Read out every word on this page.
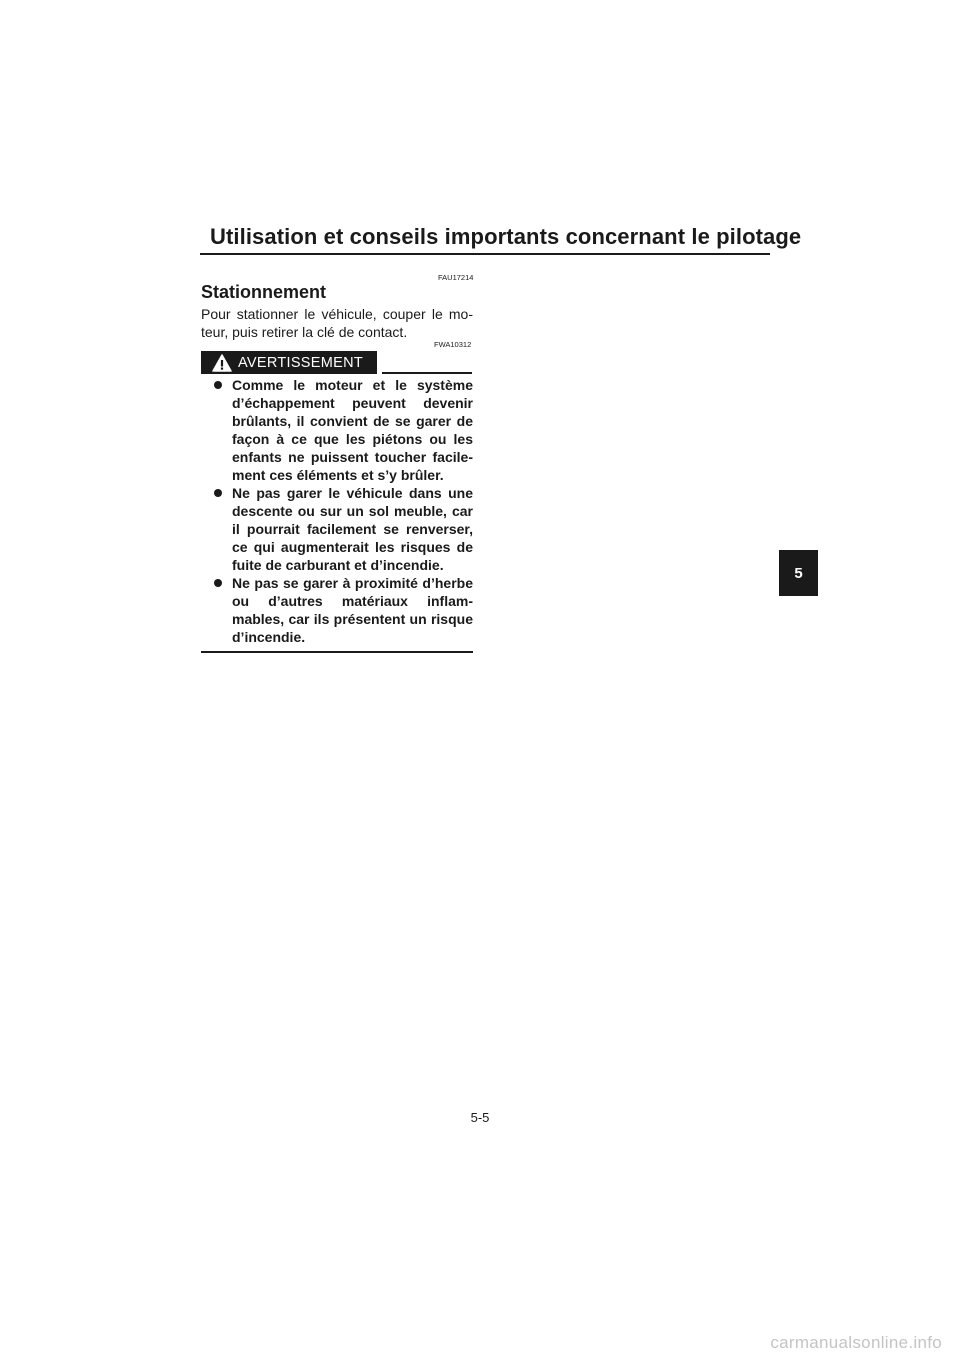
Utilisation et conseils importants concernant le pilotage
FAU17214
Stationnement
Pour stationner le véhicule, couper le mo-
teur, puis retirer la clé de contact.
FWA10312
AVERTISSEMENT
Comme le moteur et le système
d’échappement peuvent devenir
brûlants, il convient de se garer de
façon à ce que les piétons ou les
enfants ne puissent toucher facile-
ment ces éléments et s’y brûler.
Ne pas garer le véhicule dans une
descente ou sur un sol meuble, car
il pourrait facilement se renverser,
ce qui augmenterait les risques de
fuite de carburant et d’incendie.
Ne pas se garer à proximité d’herbe
ou d’autres matériaux inflam-
mables, car ils présentent un risque
d’incendie.
5
5-5
carmanualsonline.info
